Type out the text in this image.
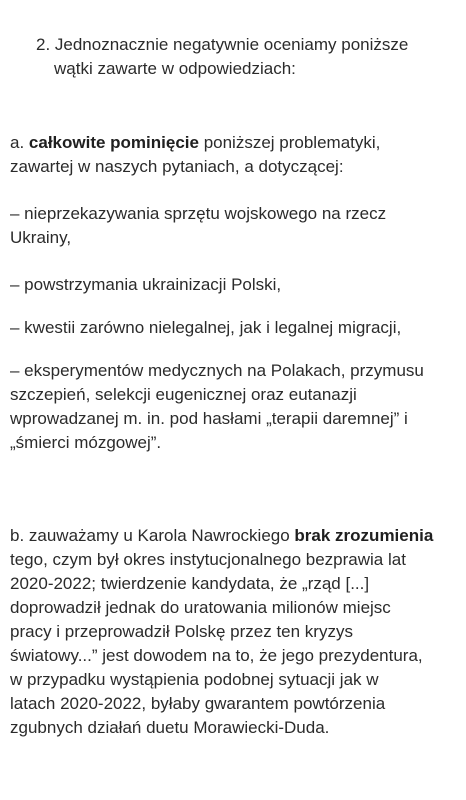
2. Jednoznacznie negatywnie oceniamy poniższe
wątki zawarte w odpowiedziach:

a. całkowite pominięcie poniższej problematyki,
zawartej w naszych pytaniach, a dotyczącej:

– nieprzekazywania sprzętu wojskowego na rzecz
Ukrainy,

– powstrzymania ukrainizacji Polski,

– kwestii zarówno nielegalnej, jak i legalnej migracji,

– eksperymentów medycznych na Polakach, przymusu
szczepień, selekcji eugenicznej oraz eutanazji
wprowadzanej m. in. pod hasłami „terapii daremnej” i
„śmierci mózgowej”.

b. zauważamy u Karola Nawrockiego brak zrozumienia
tego, czym był okres instytucjonalnego bezprawia lat
2020-2022; twierdzenie kandydata, że „rząd [...]
doprowadził jednak do uratowania milionów miejsc
pracy i przeprowadził Polskę przez ten kryzys
światowy...” jest dowodem na to, że jego prezydentura,
w przypadku wystąpienia podobnej sytuacji jak w
latach 2020-2022, byłaby gwarantem powtórzenia
zgubnych działań duetu Morawiecki-Duda.
